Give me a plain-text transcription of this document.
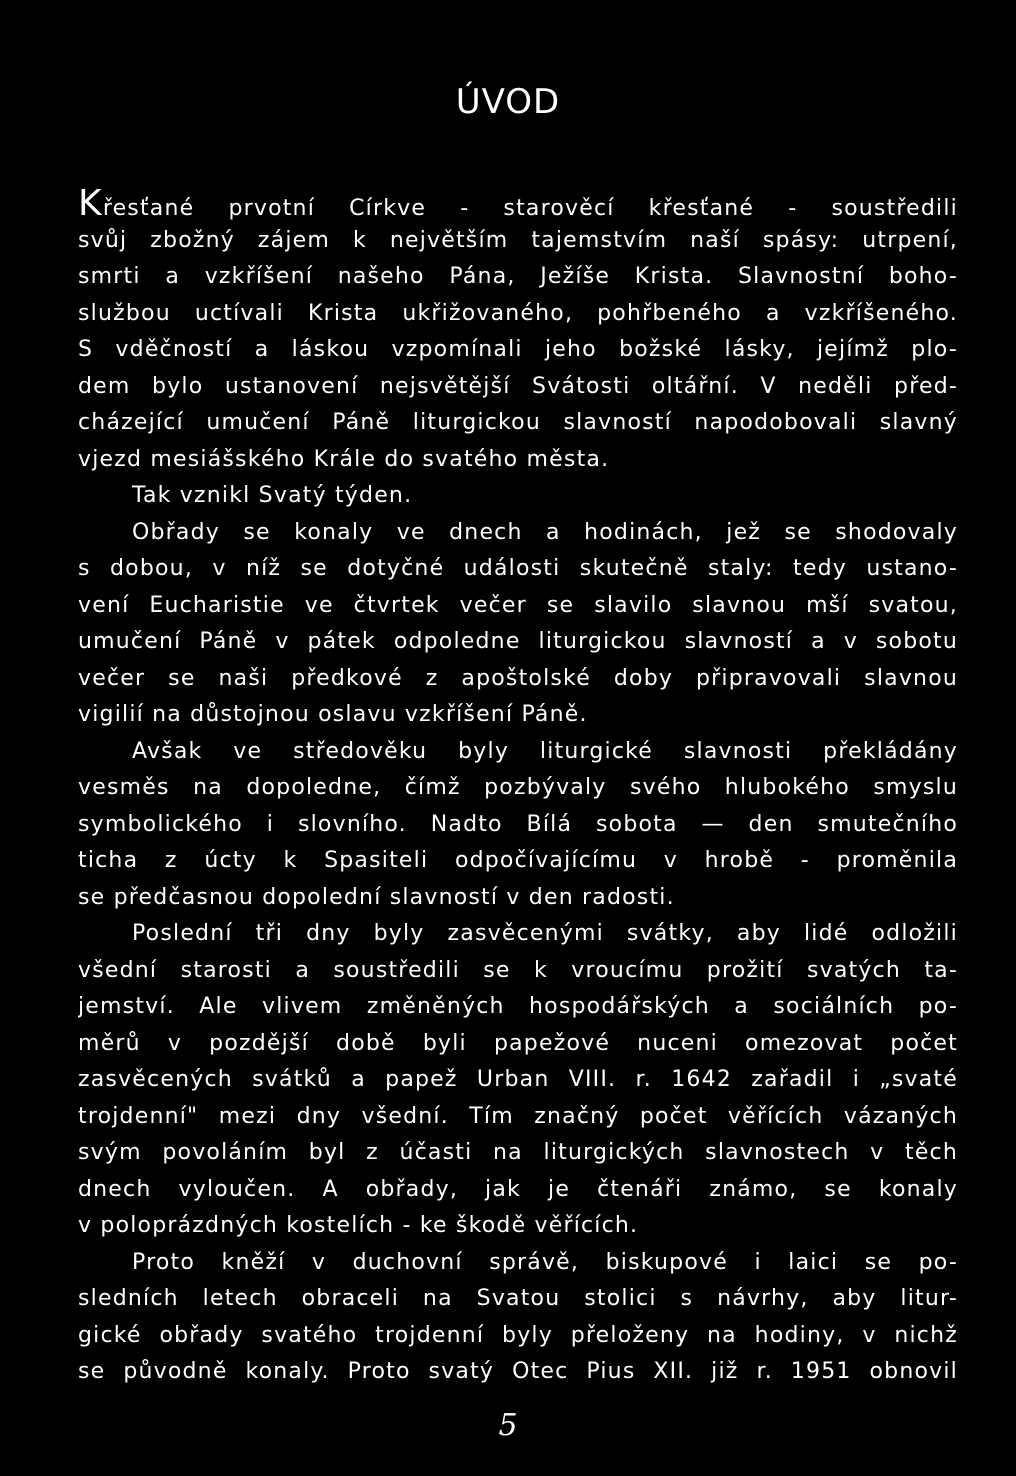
ÚVOD
Křesťané prvotní Církve - starověcí křesťané - soustředili
svůj zbožný zájem k největším tajemstvím naší spásy: utrpení,
smrti a vzkříšení našeho Pána, Ježíše Krista. Slavnostní boho-
službou uctívali Krista ukřižovaného, pohřbeného a vzkříšeného.
S vděčností a láskou vzpomínali jeho božské lásky, jejímž plo-
dem bylo ustanovení nejsvětější Svátosti oltářní. V neděli před-
cházející umučení Páně liturgickou slavností napodobovali slavný
vjezd mesiášského Krále do svatého města.
Tak vznikl Svatý týden.
Obřady se konaly ve dnech a hodinách, jež se shodovaly
s dobou, v níž se dotyčné události skutečně staly: tedy ustano-
vení Eucharistie ve čtvrtek večer se slavilo slavnou mší svatou,
umučení Páně v pátek odpoledne liturgickou slavností a v sobotu
večer se naši předkové z apoštolské doby připravovali slavnou
vigilií na důstojnou oslavu vzkříšení Páně.
Avšak ve středověku byly liturgické slavnosti překládány
vesměs na dopoledne, čímž pozbývaly svého hlubokého smyslu
symbolického i slovního. Nadto Bílá sobota — den smutečního
ticha z úcty k Spasiteli odpočívajícímu v hrobě - proměnila
se předčasnou dopolední slavností v den radosti.
Poslední tři dny byly zasvěcenými svátky, aby lidé odložili
všední starosti a soustředili se k vroucímu prožití svatých ta-
jemství. Ale vlivem změněných hospodářských a sociálních po-
měrů v pozdější době byli papežové nuceni omezovat počet
zasvěcených svátků a papež Urban VIII. r. 1642 zařadil i „svaté
trojdenní" mezi dny všední. Tím značný počet věřících vázaných
svým povoláním byl z účasti na liturgických slavnostech v těch
dnech vyloučen. A obřady, jak je čtenáři známo, se konaly
v poloprázdných kostelích - ke škodě věřících.
Proto kněží v duchovní správě, biskupové i laici se po-
sledních letech obraceli na Svatou stolici s návrhy, aby litur-
gické obřady svatého trojdenní byly přeloženy na hodiny, v nichž
se původně konaly. Proto svatý Otec Pius XII. již r. 1951 obnovil
5
